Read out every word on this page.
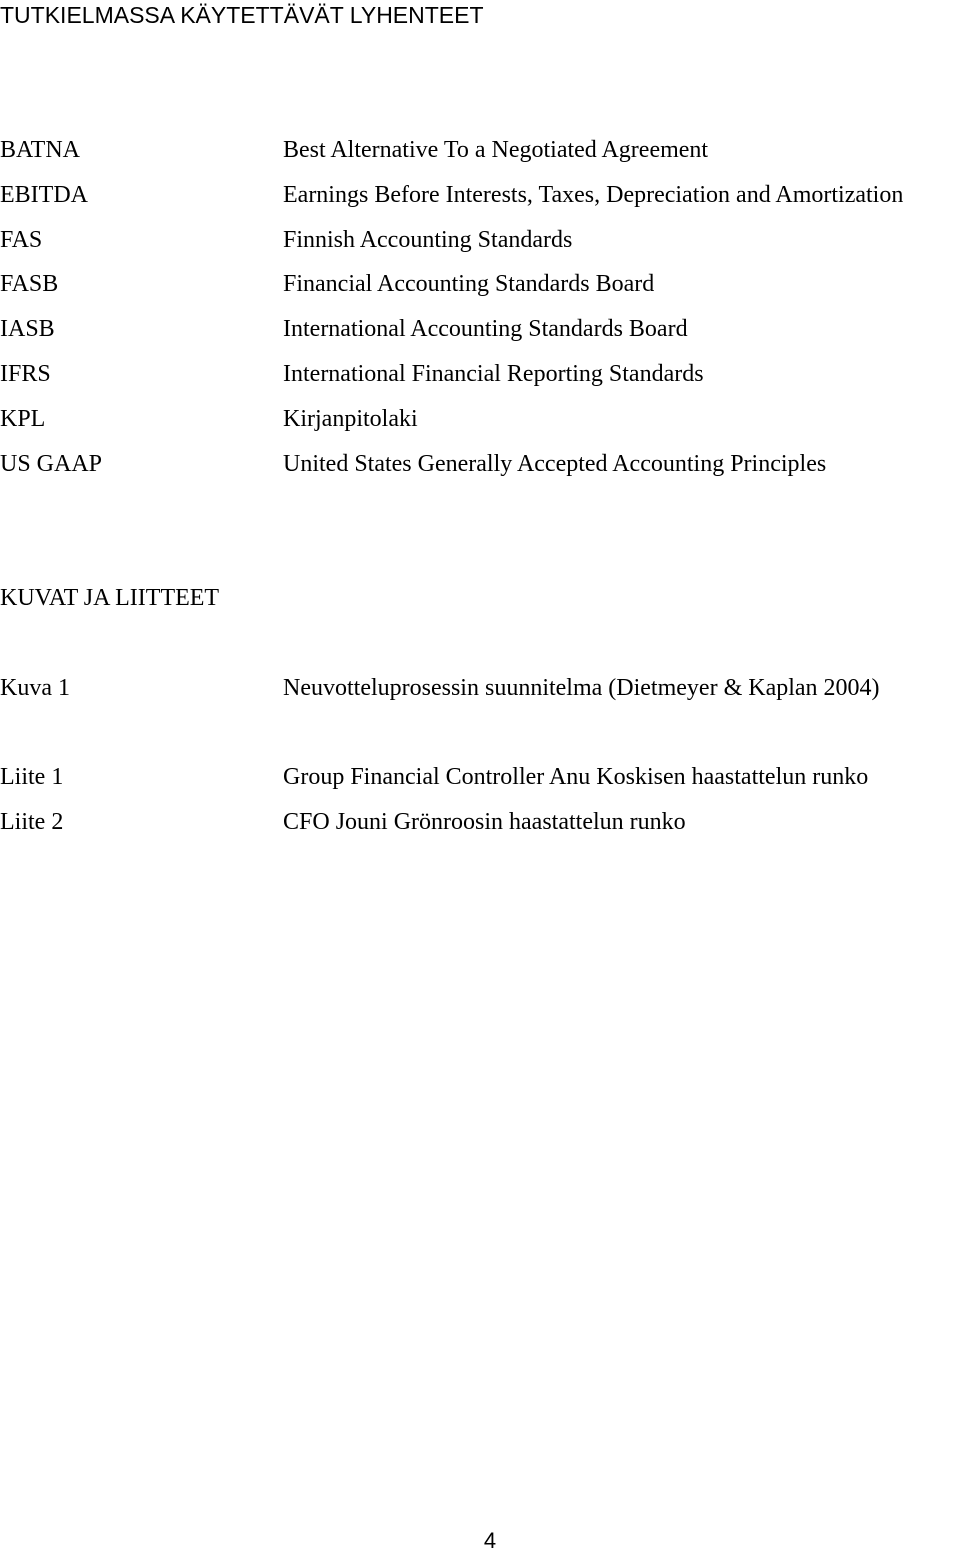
TUTKIELMASSA KÄYTETTÄVÄT LYHENTEET
BATNA	Best Alternative To a Negotiated Agreement
EBITDA	Earnings Before Interests, Taxes, Depreciation and Amortization
FAS	Finnish Accounting Standards
FASB	Financial Accounting Standards Board
IASB	International Accounting Standards Board
IFRS	International Financial Reporting Standards
KPL	Kirjanpitolaki
US GAAP	United States Generally Accepted Accounting Principles
KUVAT JA LIITTEET
Kuva 1	Neuvotteluprosessin suunnitelma (Dietmeyer & Kaplan 2004)
Liite 1	Group Financial Controller Anu Koskisen haastattelun runko
Liite 2	CFO Jouni Grönroosin haastattelun runko
4
